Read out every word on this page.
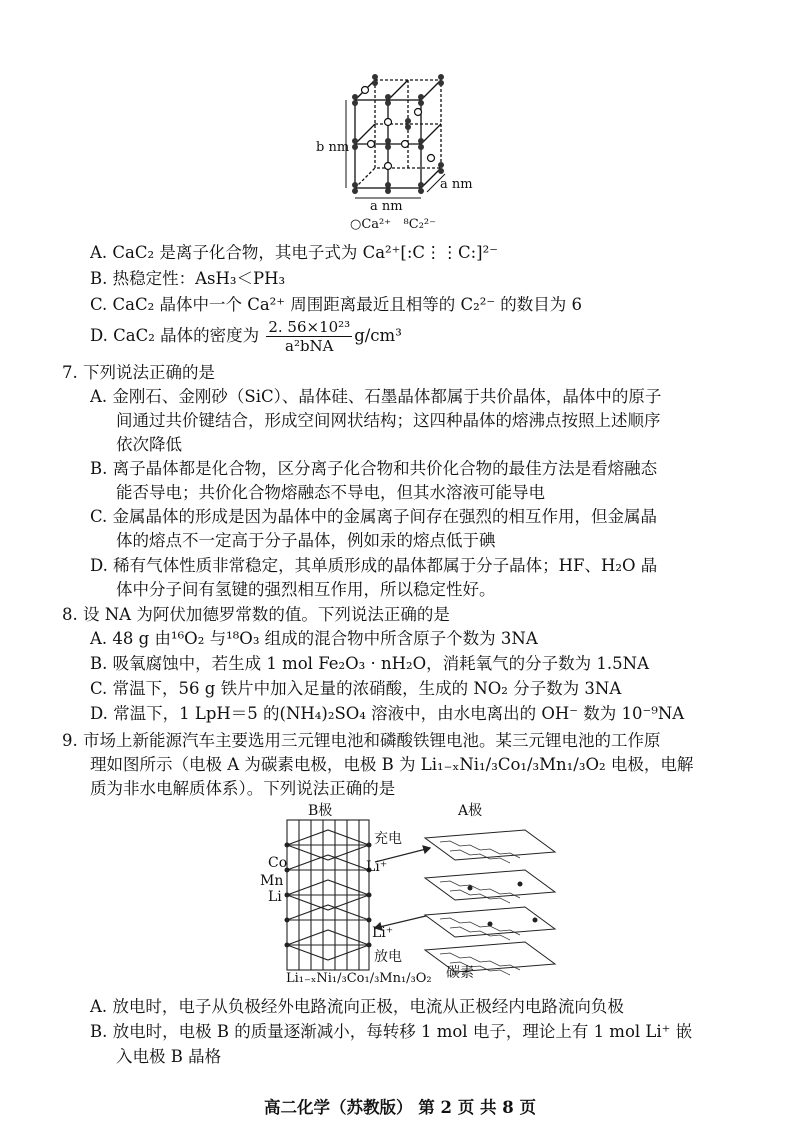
b nm
a nm
a nm
○Ca²⁺ ⁸C₂²⁻
A. CaC₂ 是离子化合物，其电子式为 Ca²⁺[:C⋮⋮C:]²⁻
B. 热稳定性：AsH₃＜PH₃
C. CaC₂ 晶体中一个 Ca²⁺ 周围距离最近且相等的 C₂²⁻ 的数目为 6
D. CaC₂ 晶体的密度为 $\frac{\text{2. 56×10²³}}{\text{a²bNA}} g/cm^3$
7. 下列说法正确的是
A. 金刚石、金刚砂（SiC）、晶体硅、石墨晶体都属于共价晶体，晶体中的原子
间通过共价键结合，形成空间网状结构；这四种晶体的熔沸点按照上述顺序
依次降低
B. 离子晶体都是化合物，区分离子化合物和共价化合物的最佳方法是看熔融态
能否导电；共价化合物熔融态不导电，但其水溶液可能导电
C. 金属晶体的形成是因为晶体中的金属离子间存在强烈的相互作用，但金属晶
体的熔点不一定高于分子晶体，例如汞的熔点低于碘
D. 稀有气体性质非常稳定，其单质形成的晶体都属于分子晶体；HF、H₂O 晶
体中分子间有氢键的强烈相互作用，所以稳定性好。
8. 设 NA 为阿伏加德罗常数的值。下列说法正确的是
A. 48 g 由¹⁶O₂ 与¹⁸O₃ 组成的混合物中所含原子个数为 3NA
B. 吸氧腐蚀中，若生成 1 mol Fe₂O₃ · nH₂O，消耗氧气的分子数为 1.5NA
C. 常温下，56 g 铁片中加入足量的浓硝酸，生成的 NO₂ 分子数为 3NA
D. 常温下，1 LpH＝5 的(NH₄)₂SO₄ 溶液中，由水电离出的 OH⁻ 数为 10⁻⁹NA
9. 市场上新能源汽车主要选用三元锂电池和磷酸铁锂电池。某三元锂电池的工作原
理如图所示（电极 A 为碳素电极，电极 B 为 Li₁₋ₓNi₁/₃Co₁/₃Mn₁/₃O₂ 电极，电解
质为非水电解质体系）。下列说法正确的是
B极	A极
充电
Li⁺
Co
Mn
Li
Li⁺
放电
Li₁₋ₓNi₁/₃Co₁/₃Mn₁/₃O₂ 碳素
A. 放电时，电子从负极经外电路流向正极，电流从正极经内电路流向负极
B. 放电时，电极 B 的质量逐渐减小，每转移 1 mol 电子，理论上有 1 mol Li⁺ 嵌
入电极 B 晶格
高二化学（苏教版） 第 2 页 共 8 页
